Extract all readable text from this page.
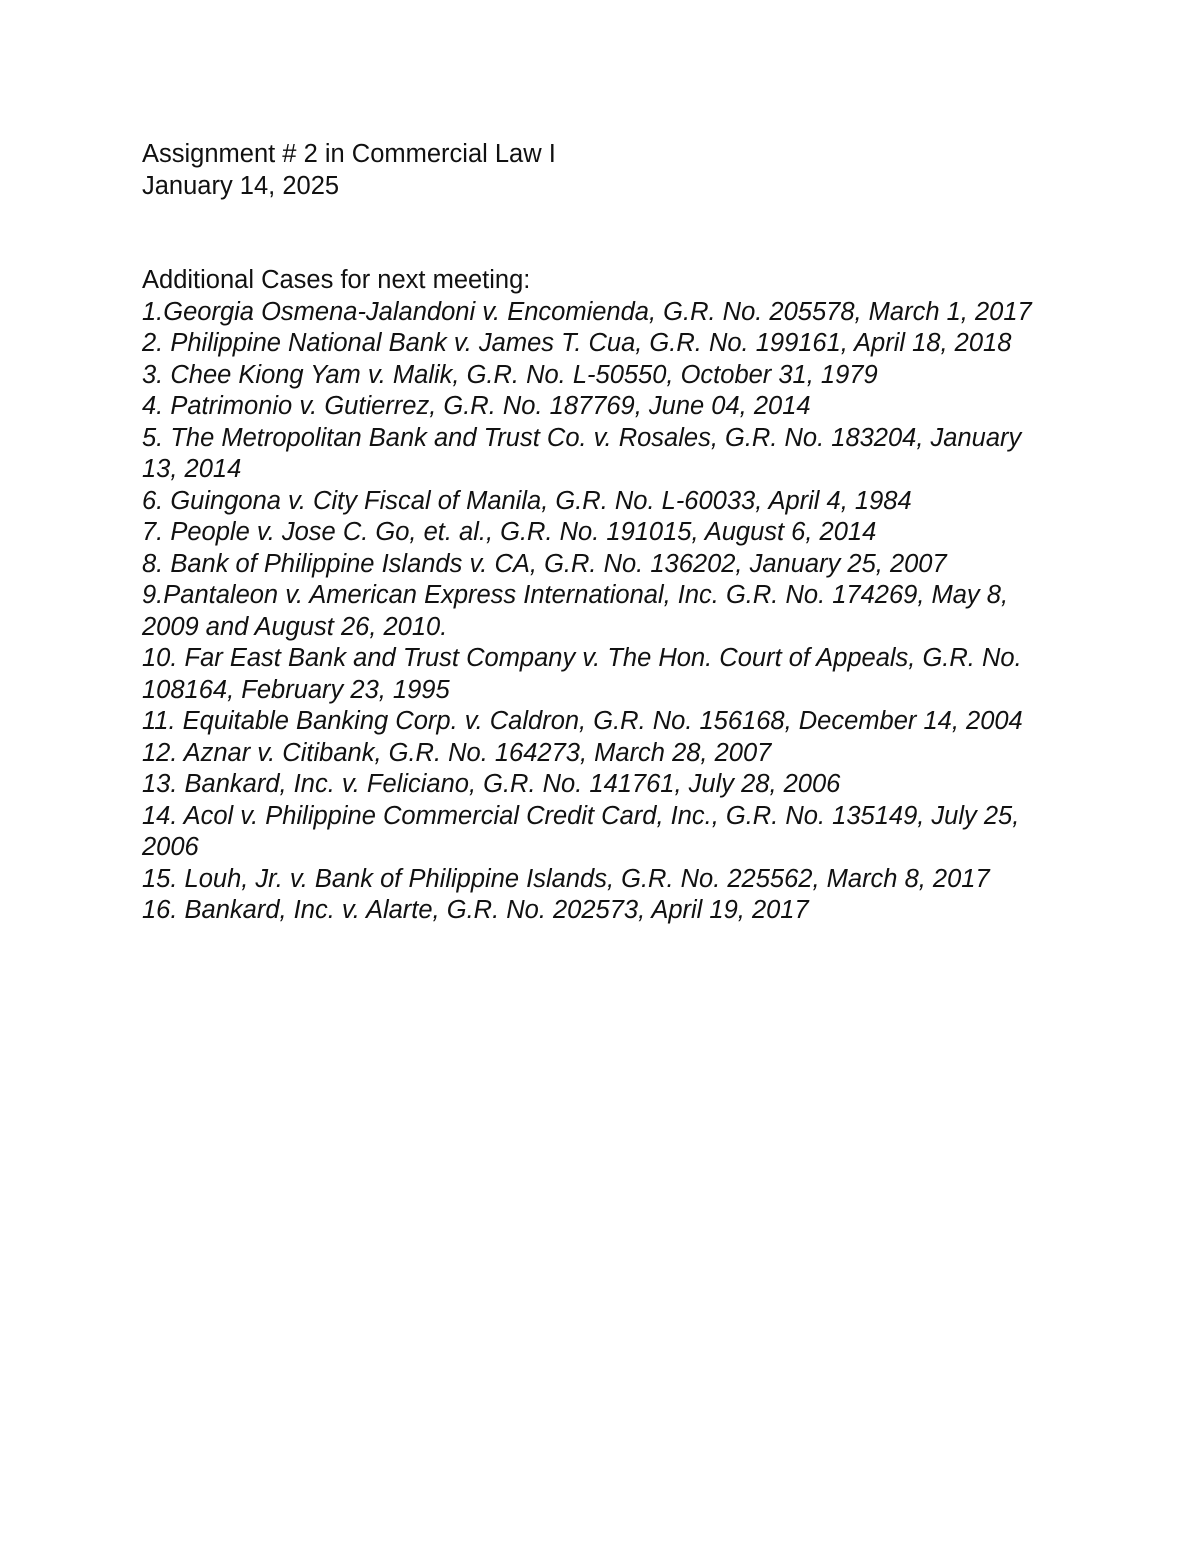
Assignment # 2 in Commercial Law I
January 14, 2025
Additional Cases for next meeting:
1.Georgia Osmena-Jalandoni v. Encomienda, G.R. No. 205578, March 1, 2017
2. Philippine National Bank v. James T. Cua, G.R. No. 199161, April 18, 2018
3. Chee Kiong Yam v. Malik, G.R. No. L-50550, October 31, 1979
4. Patrimonio v. Gutierrez, G.R. No. 187769, June 04, 2014
5. The Metropolitan Bank and Trust Co. v. Rosales, G.R. No. 183204, January 13, 2014
6. Guingona v. City Fiscal of Manila, G.R. No. L-60033, April 4, 1984
7. People v. Jose C. Go, et. al., G.R. No. 191015, August 6, 2014
8. Bank of Philippine Islands v. CA, G.R. No. 136202, January 25, 2007
9.Pantaleon v. American Express International, Inc. G.R. No. 174269, May 8, 2009 and August 26, 2010.
10. Far East Bank and Trust Company v. The Hon. Court of Appeals, G.R. No. 108164, February 23, 1995
11. Equitable Banking Corp. v. Caldron, G.R. No. 156168, December 14, 2004
12. Aznar v. Citibank, G.R. No. 164273, March 28, 2007
13. Bankard, Inc. v. Feliciano, G.R. No. 141761, July 28, 2006
14. Acol v. Philippine Commercial Credit Card, Inc., G.R. No. 135149, July 25, 2006
15. Louh, Jr. v. Bank of Philippine Islands, G.R. No. 225562, March 8, 2017
16. Bankard, Inc. v. Alarte, G.R. No. 202573, April 19, 2017
